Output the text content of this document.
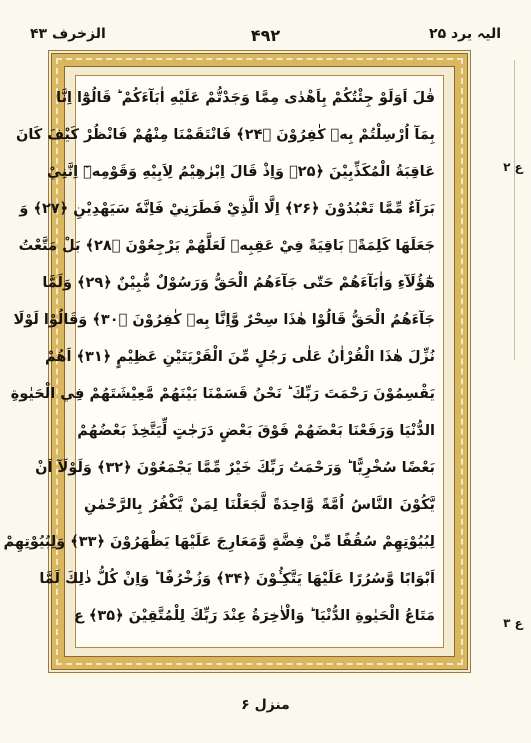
الیہ یرد ۲۵
۴۹۲
الزخرف ۴۳
قٰلَ اَوَلَوْ جِئْتُكُمْ بِاَهْدٰى مِمَّا وَجَدْتُّمْ عَلَيْهِ اٰبَآءَكُمْ ؕ قَالُوْٓا اِنَّا
بِمَآ اُرْسِلْتُمْ بِهٖ كٰفِرُوْنَ ﴿۲۴﴾ فَانْتَقَمْنَا مِنْهُمْ فَانْظُرْ كَيْفَ كَانَ
عَاقِبَةُ الْمُكَذِّبِيْنَ ﴿۲۵﴾ وَاِذْ قَالَ اِبْرٰهِيْمُ لِاَبِيْهِ وَقَوْمِهٖٓ اِنَّنِيْ
بَرَآءٌ مِّمَّا تَعْبُدُوْنَ ﴿۲۶﴾ اِلَّا الَّذِيْ فَطَرَنِيْ فَاِنَّهٗ سَيَهْدِيْنِ ﴿۲۷﴾ وَ
جَعَلَهَا كَلِمَةًۢ بَاقِيَةً فِيْ عَقِبِهٖ لَعَلَّهُمْ يَرْجِعُوْنَ ﴿۲۸﴾ بَلْ مَتَّعْتُ
هٰٓؤُلَآءِ وَاٰبَآءَهُمْ حَتّٰى جَآءَهُمُ الْحَقُّ وَرَسُوْلٌ مُّبِيْنٌ ﴿۲۹﴾ وَلَمَّا
جَآءَهُمُ الْحَقُّ قَالُوْا هٰذَا سِحْرٌ وَّاِنَّا بِهٖ كٰفِرُوْنَ ﴿۳۰﴾ وَقَالُوْا لَوْلَا
نُزِّلَ هٰذَا الْقُرْاٰنُ عَلٰى رَجُلٍ مِّنَ الْقَرْيَتَيْنِ عَظِيْمٍ ﴿۳۱﴾ اَهُمْ
يَقْسِمُوْنَ رَحْمَتَ رَبِّكَ ؕ نَحْنُ قَسَمْنَا بَيْنَهُمْ مَّعِيْشَتَهُمْ فِي الْحَيٰوةِ
الدُّنْيَا وَرَفَعْنَا بَعْضَهُمْ فَوْقَ بَعْضٍ دَرَجٰتٍ لِّيَتَّخِذَ بَعْضُهُمْ
بَعْضًا سُخْرِيًّا ؕ وَرَحْمَتُ رَبِّكَ خَيْرٌ مِّمَّا يَجْمَعُوْنَ ﴿۳۲﴾ وَلَوْلَآ اَنْ
يَّكُوْنَ النَّاسُ اُمَّةً وَّاحِدَةً لَّجَعَلْنَا لِمَنْ يَّكْفُرُ بِالرَّحْمٰنِ
لِبُيُوْتِهِمْ سُقُفًا مِّنْ فِضَّةٍ وَّمَعَارِجَ عَلَيْهَا يَظْهَرُوْنَ ﴿۳۳﴾ وَلِبُيُوْتِهِمْ
اَبْوَابًا وَّسُرُرًا عَلَيْهَا يَتَّكِـُٔوْنَ ﴿۳۴﴾ وَزُخْرُفًا ؕ وَاِنْ كُلُّ ذٰلِكَ لَمَّا
مَتَاعُ الْحَيٰوةِ الدُّنْيَا ؕ وَالْاٰخِرَةُ عِنْدَ رَبِّكَ لِلْمُتَّقِيْنَ ﴿۳۵﴾ ع
ع ۲
ع ۳
منزل ۶
